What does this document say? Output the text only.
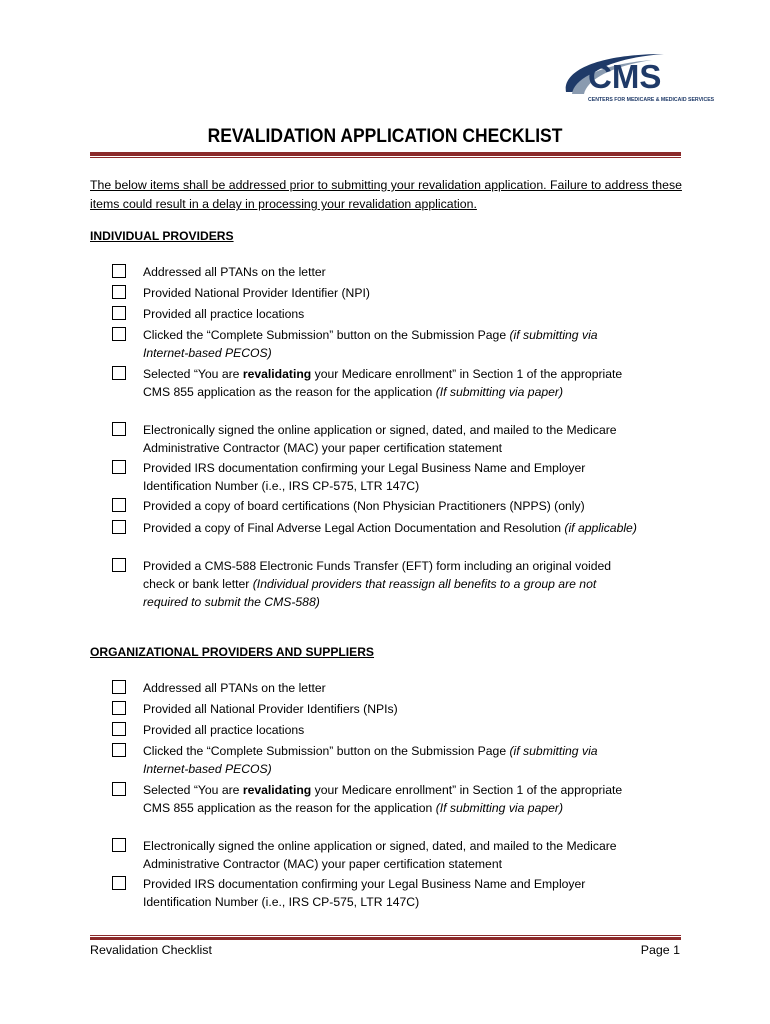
CMS
CENTERS FOR MEDICARE & MEDICAID SERVICES
REVALIDATION APPLICATION CHECKLIST
The below items shall be addressed prior to submitting your revalidation application. Failure to address these items could result in a delay in processing your revalidation application.
INDIVIDUAL PROVIDERS
Addressed all PTANs on the letter
Provided National Provider Identifier (NPI)
Provided all practice locations
Clicked the “Complete Submission” button on the Submission Page (if submitting via Internet-based PECOS)
Selected “You are revalidating your Medicare enrollment” in Section 1 of the appropriate CMS 855 application as the reason for the application (If submitting via paper)
Electronically signed the online application or signed, dated, and mailed to the Medicare Administrative Contractor (MAC) your paper certification statement
Provided IRS documentation confirming your Legal Business Name and Employer Identification Number (i.e., IRS CP-575, LTR 147C)
Provided a copy of board certifications (Non Physician Practitioners (NPPS) (only)
Provided a copy of Final Adverse Legal Action Documentation and Resolution (if applicable)
Provided a CMS-588 Electronic Funds Transfer (EFT) form including an original voided check or bank letter (Individual providers that reassign all benefits to a group are not required to submit the CMS-588)
ORGANIZATIONAL PROVIDERS AND SUPPLIERS
Addressed all PTANs on the letter
Provided all National Provider Identifiers (NPIs)
Provided all practice locations
Clicked the “Complete Submission” button on the Submission Page (if submitting via Internet-based PECOS)
Selected “You are revalidating your Medicare enrollment” in Section 1 of the appropriate CMS 855 application as the reason for the application (If submitting via paper)
Electronically signed the online application or signed, dated, and mailed to the Medicare Administrative Contractor (MAC) your paper certification statement
Provided IRS documentation confirming your Legal Business Name and Employer Identification Number (i.e., IRS CP-575, LTR 147C)
Revalidation Checklist	Page 1
